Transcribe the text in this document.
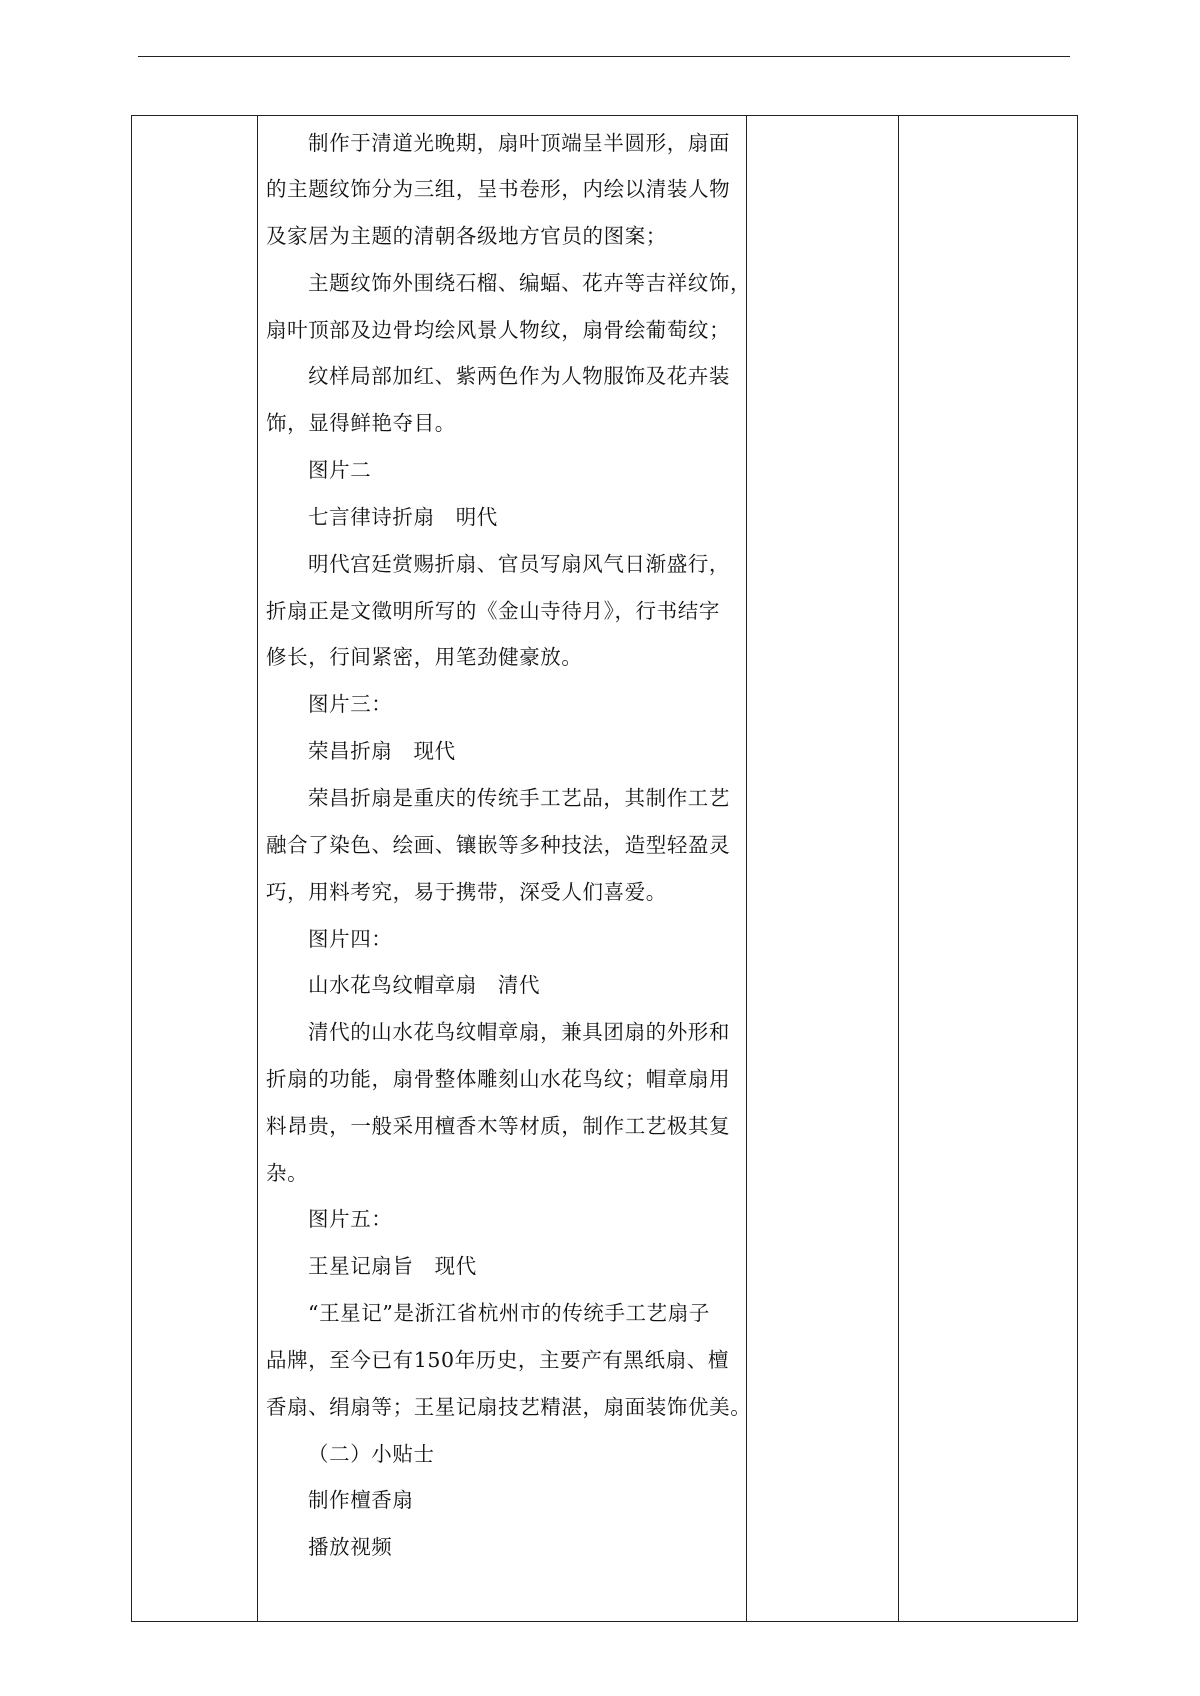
制作于清道光晚期，扇叶顶端呈半圆形，扇面
的主题纹饰分为三组，呈书卷形，内绘以清装人物
及家居为主题的清朝各级地方官员的图案；
主题纹饰外围绕石榴、编蝠、花卉等吉祥纹饰，
扇叶顶部及边骨均绘风景人物纹，扇骨绘葡萄纹；
纹样局部加红、紫两色作为人物服饰及花卉装
饰，显得鲜艳夺目。
图片二
七言律诗折扇　明代
明代宫廷赏赐折扇、官员写扇风气日渐盛行，
折扇正是文徵明所写的《金山寺待月》，行书结字
修长，行间紧密，用笔劲健豪放。
图片三：
荣昌折扇　现代
荣昌折扇是重庆的传统手工艺品，其制作工艺
融合了染色、绘画、镶嵌等多种技法，造型轻盈灵
巧，用料考究，易于携带，深受人们喜爱。
图片四：
山水花鸟纹帽章扇　清代
清代的山水花鸟纹帽章扇，兼具团扇的外形和
折扇的功能，扇骨整体雕刻山水花鸟纹；帽章扇用
料昂贵，一般采用檀香木等材质，制作工艺极其复
杂。
图片五：
王星记扇旨　现代
“王星记”是浙江省杭州市的传统手工艺扇子
品牌，至今已有150年历史，主要产有黑纸扇、檀
香扇、绢扇等；王星记扇技艺精湛，扇面装饰优美。
（二）小贴士
制作檀香扇
播放视频
